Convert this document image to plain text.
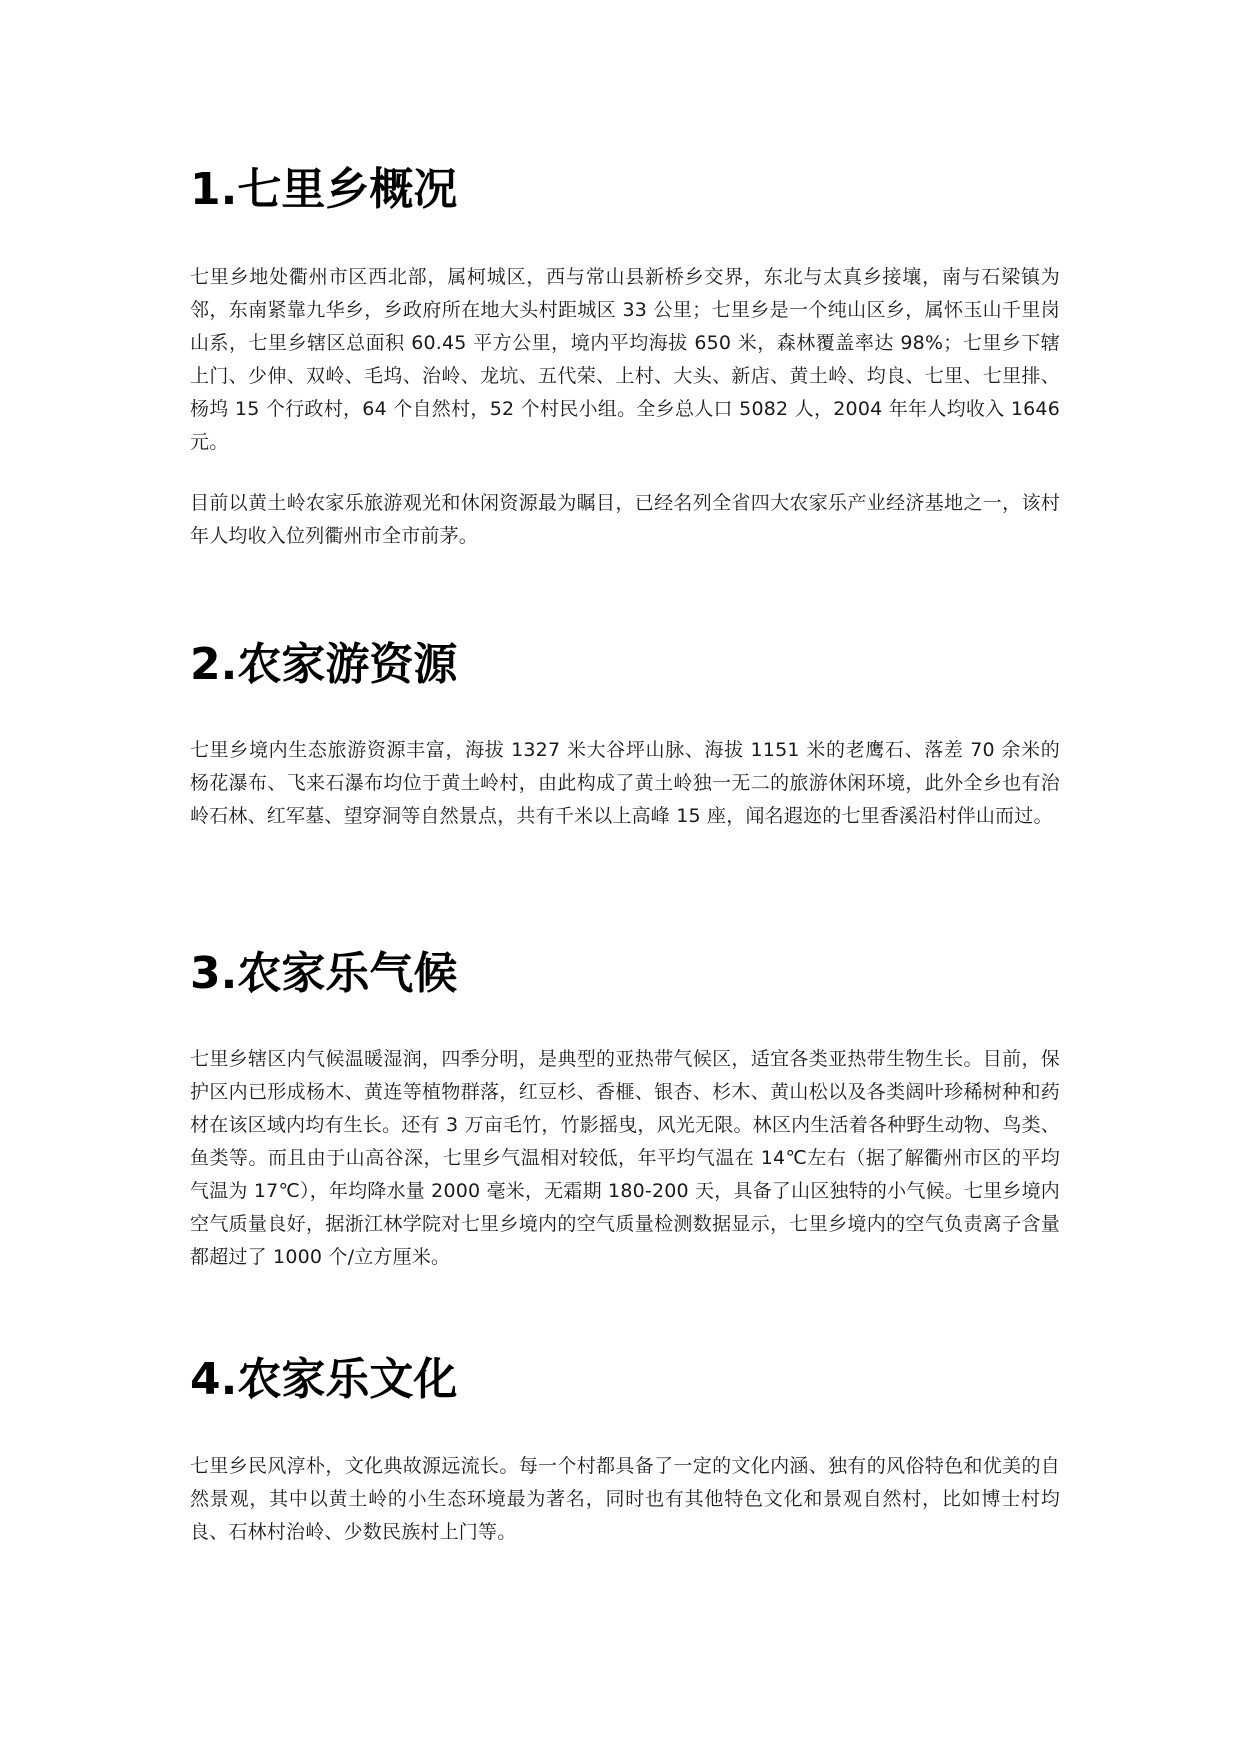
1.七里乡概况

七里乡地处衢州市区西北部，属柯城区，西与常山县新桥乡交界，东北与太真乡接壤，南与石梁镇为邻，东南紧靠九华乡，乡政府所在地大头村距城区 33 公里；七里乡是一个纯山区乡，属怀玉山千里岗山系，七里乡辖区总面积 60.45 平方公里，境内平均海拔 650 米，森林覆盖率达 98%；七里乡下辖上门、少伸、双岭、毛坞、治岭、龙坑、五代荣、上村、大头、新店、黄土岭、均良、七里、七里排、杨坞 15 个行政村，64 个自然村，52 个村民小组。全乡总人口 5082 人，2004 年年人均收入 1646 元。

目前以黄土岭农家乐旅游观光和休闲资源最为瞩目，已经名列全省四大农家乐产业经济基地之一，该村年人均收入位列衢州市全市前茅。

2.农家游资源

七里乡境内生态旅游资源丰富，海拔 1327 米大谷坪山脉、海拔 1151 米的老鹰石、落差 70 余米的杨花瀑布、飞来石瀑布均位于黄土岭村，由此构成了黄土岭独一无二的旅游休闲环境，此外全乡也有治岭石林、红军墓、望穿洞等自然景点，共有千米以上高峰 15 座，闻名遐迩的七里香溪沿村伴山而过。

3.农家乐气候

七里乡辖区内气候温暖湿润，四季分明，是典型的亚热带气候区，适宜各类亚热带生物生长。目前，保护区内已形成杨木、黄连等植物群落，红豆杉、香榧、银杏、杉木、黄山松以及各类阔叶珍稀树种和药材在该区域内均有生长。还有 3 万亩毛竹，竹影摇曳，风光无限。林区内生活着各种野生动物、鸟类、鱼类等。而且由于山高谷深，七里乡气温相对较低，年平均气温在 14℃左右（据了解衢州市区的平均气温为 17℃），年均降水量 2000 毫米，无霜期 180-200 天，具备了山区独特的小气候。七里乡境内空气质量良好，据浙江林学院对七里乡境内的空气质量检测数据显示，七里乡境内的空气负责离子含量都超过了 1000 个/立方厘米。

4.农家乐文化

七里乡民风淳朴，文化典故源远流长。每一个村都具备了一定的文化内涵、独有的风俗特色和优美的自然景观，其中以黄土岭的小生态环境最为著名，同时也有其他特色文化和景观自然村，比如博士村均良、石林村治岭、少数民族村上门等。
